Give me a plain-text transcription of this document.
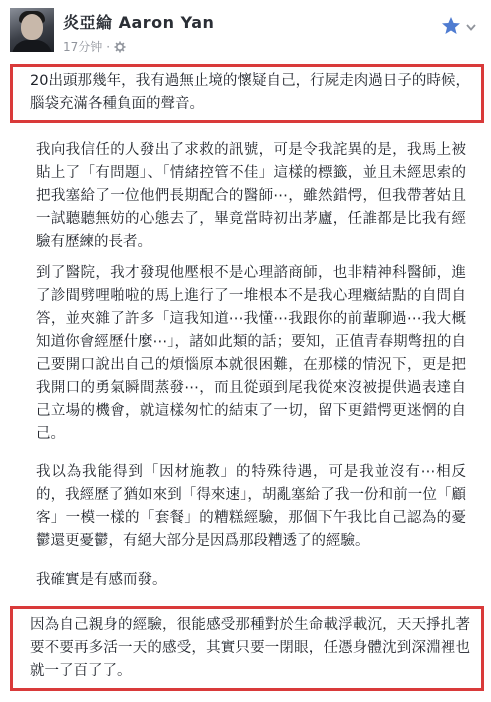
炎亞綸 Aaron Yan
17分钟 ·

20出頭那幾年，我有過無止境的懷疑自己，行屍走肉過日子的時候，腦袋充滿各種負面的聲音。

我向我信任的人發出了求救的訊號，可是令我詫異的是，我馬上被貼上了「有問題」、「情緒控管不佳」這樣的標籤，並且未經思索的把我塞給了一位他們長期配合的醫師⋯，雖然錯愕，但我帶著姑且一試聽聽無妨的心態去了，畢竟當時初出茅廬，任誰都是比我有經驗有歷練的長者。

到了醫院，我才發現他壓根不是心理諮商師，也非精神科醫師，進了診間劈哩啪啦的馬上進行了一堆根本不是我心理癥結點的自問自答，並夾雜了許多「這我知道⋯我懂⋯我跟你的前輩聊過⋯我大概知道你會經歷什麼⋯」，諸如此類的話；要知，正值青春期彆扭的自己要開口說出自己的煩惱原本就很困難，在那樣的情況下，更是把我開口的勇氣瞬間蒸發⋯，而且從頭到尾我從來沒被提供過表達自己立場的機會，就這樣匆忙的結束了一切，留下更錯愕更迷惘的自己。

我以為我能得到「因材施教」的特殊待遇，可是我並沒有⋯相反的，我經歷了猶如來到「得來速」，胡亂塞給了我一份和前一位「顧客」一模一樣的「套餐」的糟糕經驗，那個下午我比自己認為的憂鬱還更憂鬱，有絕大部分是因爲那段糟透了的經驗。

我確實是有感而發。

因為自己親身的經驗，很能感受那種對於生命載浮載沉，天天掙扎著要不要再多活一天的感受，其實只要一閉眼，任憑身體沈到深淵裡也就一了百了了。
